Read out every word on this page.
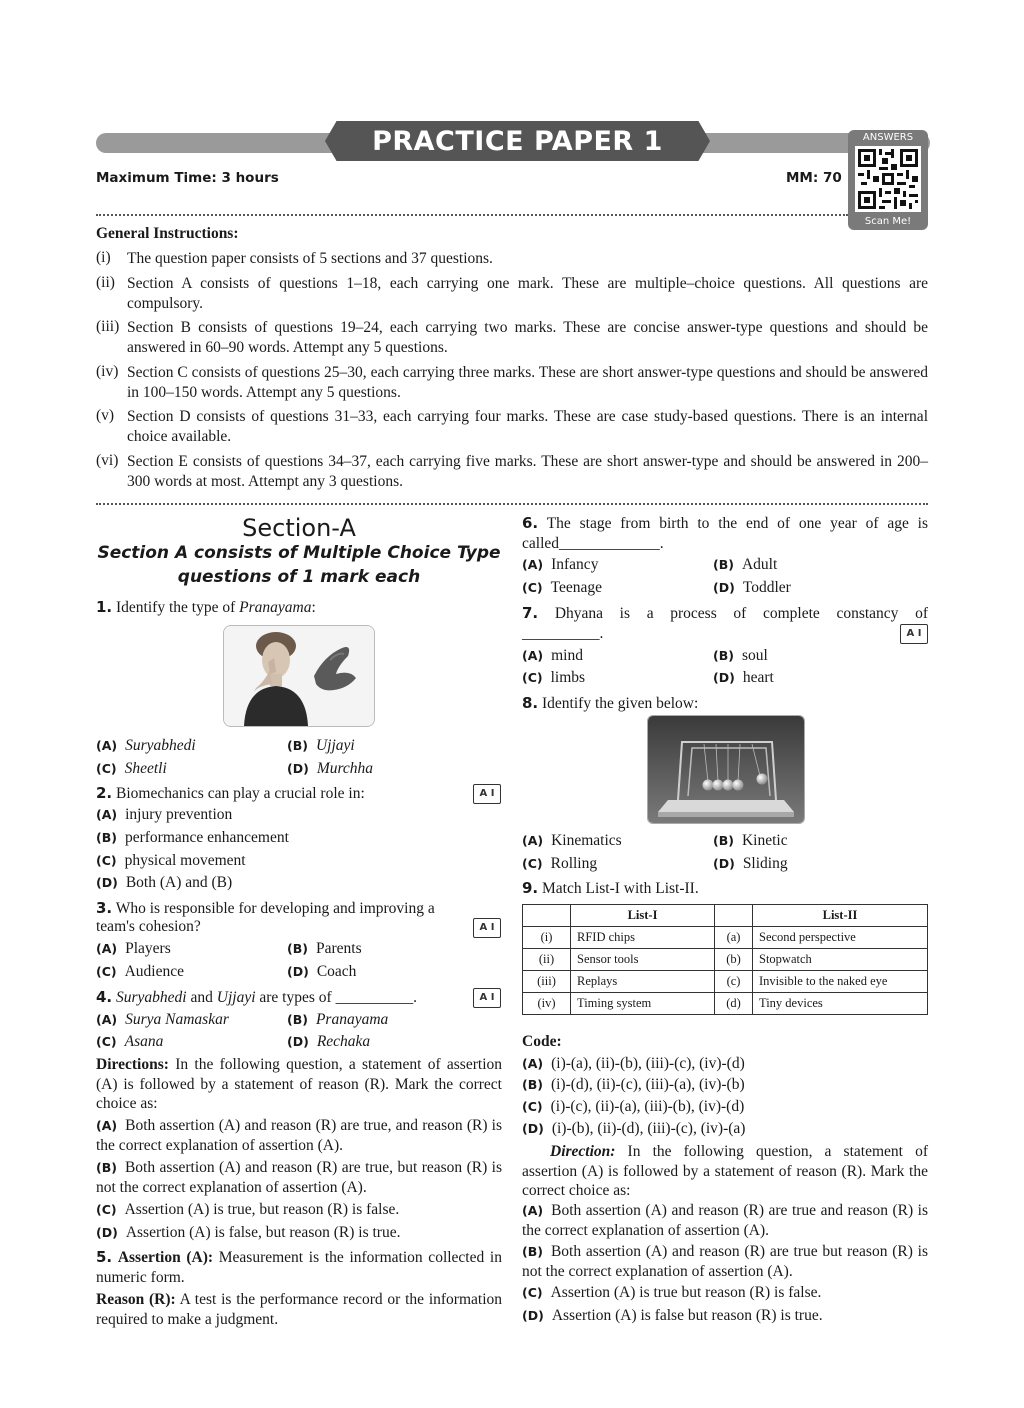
PRACTICE PAPER 1	ANSWERS
Scan Me!
Maximum Time: 3 hours	MM: 70
General Instructions:
(i) The question paper consists of 5 sections and 37 questions.
(ii) Section A consists of questions 1–18, each carrying one mark. These are multiple–choice questions. All questions are compulsory.
(iii) Section B consists of questions 19–24, each carrying two marks. These are concise answer-type questions and should be answered in 60–90 words. Attempt any 5 questions.
(iv) Section C consists of questions 25–30, each carrying three marks. These are short answer-type questions and should be answered in 100–150 words. Attempt any 5 questions.
(v) Section D consists of questions 31–33, each carrying four marks. These are case study-based questions. There is an internal choice available.
(vi) Section E consists of questions 34–37, each carrying five marks. These are short answer-type and should be answered in 200–300 words at most. Attempt any 3 questions.
Section-A
Section A consists of Multiple Choice Type
questions of 1 mark each
1. Identify the type of Pranayama:
(A) Suryabhedi	(B) Ujjayi
(C) Sheetli	(D) Murchha
2. Biomechanics can play a crucial role in:	A I
(A) injury prevention
(B) performance enhancement
(C) physical movement
(D) Both (A) and (B)
3. Who is responsible for developing and improving a
team's cohesion?	A I
(A) Players	(B) Parents
(C) Audience	(D) Coach
4. Suryabhedi and Ujjayi are types of __________.	A I
(A) Surya Namaskar	(B) Pranayama
(C) Asana	(D) Rechaka
Directions: In the following question, a statement of assertion (A) is followed by a statement of reason (R). Mark the correct choice as:
(A) Both assertion (A) and reason (R) are true, and reason (R) is the correct explanation of assertion (A).
(B) Both assertion (A) and reason (R) are true, but reason (R) is not the correct explanation of assertion (A).
(C) Assertion (A) is true, but reason (R) is false.
(D) Assertion (A) is false, but reason (R) is true.
5. Assertion (A): Measurement is the information collected in numeric form.
Reason (R): A test is the performance record or the information required to make a judgment.
6. The stage from birth to the end of one year of age is called_____________.
(A) Infancy	(B) Adult
(C) Teenage	(D) Toddler
7. Dhyana is a process of complete constancy of
__________.	A I
(A) mind	(B) soul
(C) limbs	(D) heart
8. Identify the given below:
(A) Kinematics	(B) Kinetic
(C) Rolling	(D) Sliding
9. Match List-I with List-II.
	List-I		List-II
(i)	RFID chips	(a)	Second perspective
(ii)	Sensor tools	(b)	Stopwatch
(iii)	Replays	(c)	Invisible to the naked eye
(iv)	Timing system	(d)	Tiny devices
Code:
(A) (i)-(a), (ii)-(b), (iii)-(c), (iv)-(d)
(B) (i)-(d), (ii)-(c), (iii)-(a), (iv)-(b)
(C) (i)-(c), (ii)-(a), (iii)-(b), (iv)-(d)
(D) (i)-(b), (ii)-(d), (iii)-(c), (iv)-(a)
Direction: In the following question, a statement of assertion (A) is followed by a statement of reason (R). Mark the correct choice as:
(A) Both assertion (A) and reason (R) are true and reason (R) is the correct explanation of assertion (A).
(B) Both assertion (A) and reason (R) are true but reason (R) is not the correct explanation of assertion (A).
(C) Assertion (A) is true but reason (R) is false.
(D) Assertion (A) is false but reason (R) is true.
